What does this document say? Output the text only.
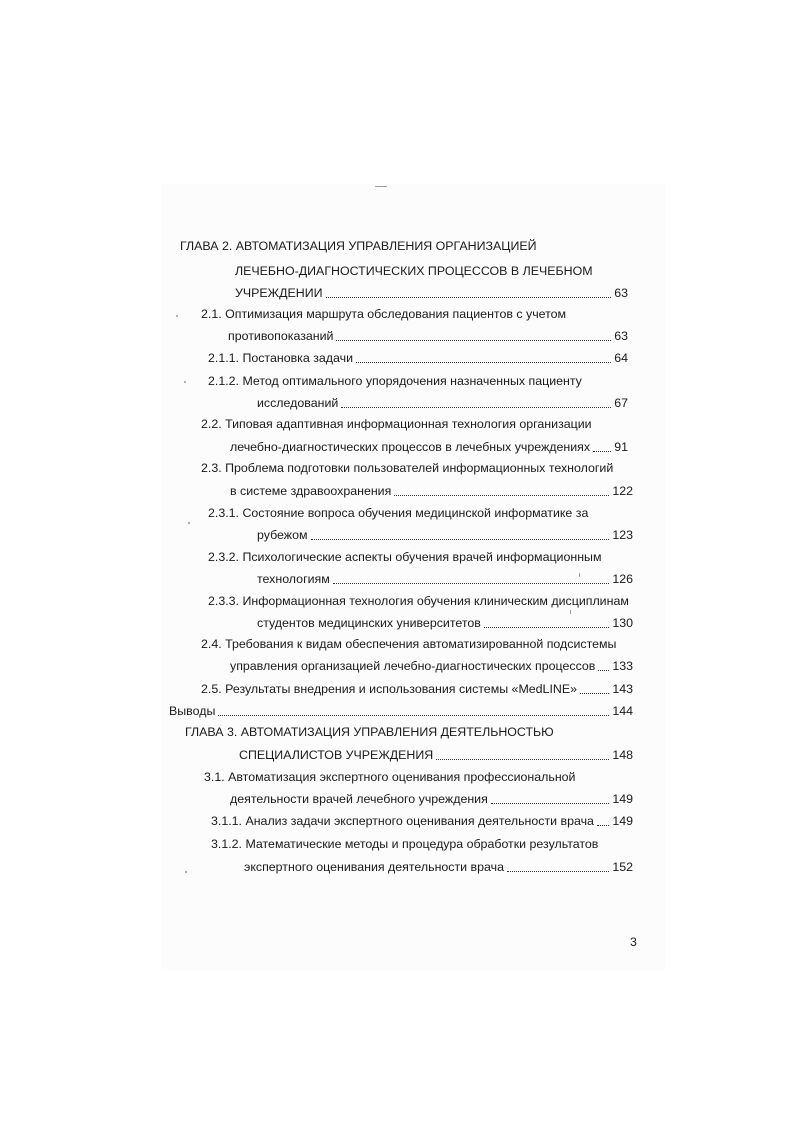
ГЛАВА 2. АВТОМАТИЗАЦИЯ УПРАВЛЕНИЯ ОРГАНИЗАЦИЕЙ
ЛЕЧЕБНО-ДИАГНОСТИЧЕСКИХ ПРОЦЕССОВ В ЛЕЧЕБНОМ
УЧРЕЖДЕНИИ	63
2.1. Оптимизация маршрута обследования пациентов с учетом
противопоказаний	63
2.1.1. Постановка задачи	64
2.1.2. Метод оптимального упорядочения назначенных пациенту
исследований	67
2.2. Типовая адаптивная информационная технология организации
лечебно-диагностических процессов в лечебных учреждениях 91
2.3. Проблема подготовки пользователей информационных технологий
в системе здравоохранения	122
2.3.1. Состояние вопроса обучения медицинской информатике за
рубежом	123
2.3.2. Психологические аспекты обучения врачей информационным
технологиям	126
2.3.3. Информационная технология обучения клиническим дисциплинам
студентов медицинских университетов	130
2.4. Требования к видам обеспечения автоматизированной подсистемы
управления организацией лечебно-диагностических процессов 133
2.5. Результаты внедрения и использования системы «MedLINE»	143
Выводы	144
ГЛАВА 3. АВТОМАТИЗАЦИЯ УПРАВЛЕНИЯ ДЕЯТЕЛЬНОСТЬЮ
СПЕЦИАЛИСТОВ УЧРЕЖДЕНИЯ	148
3.1. Автоматизация экспертного оценивания профессиональной
деятельности врачей лечебного учреждения	149
3.1.1. Анализ задачи экспертного оценивания деятельности врача 149
3.1.2. Математические методы и процедура обработки результатов
экспертного оценивания деятельности врача	152
3
